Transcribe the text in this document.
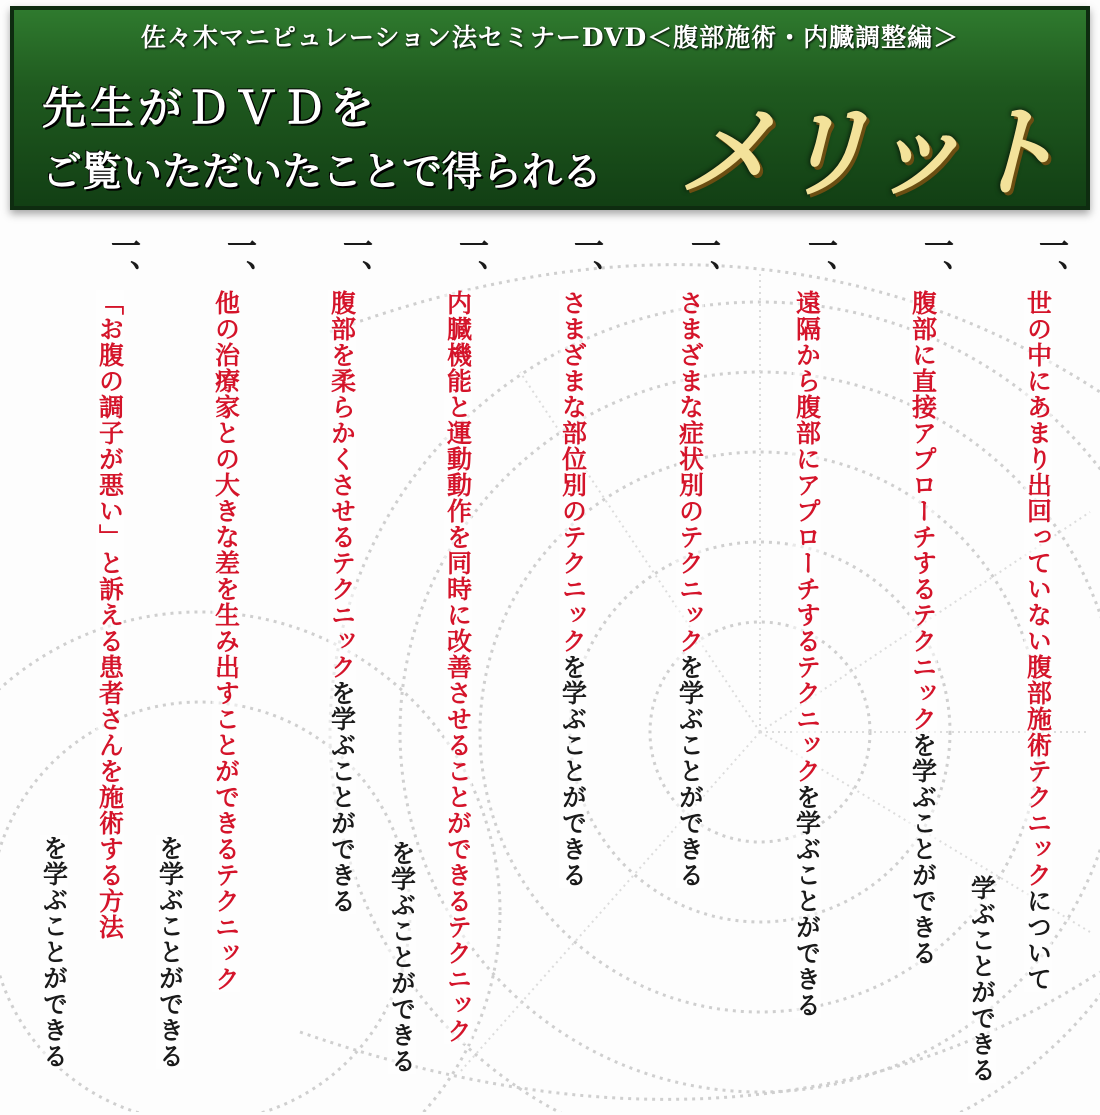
佐々木マニピュレーション法セミナーDVD＜腹部施術・内臓調整編＞
先生がＤＶＤを
ご覧いただいたことで得られる メリット
一、
世の中にあまり出回っていない腹部施術テクニックについて
学ぶことができる
一、
腹部に直接アプローチするテクニックを学ぶことができる
一、
遠隔から腹部にアプローチするテクニックを学ぶことができる
一、
さまざまな症状別のテクニックを学ぶことができる
一、
さまざまな部位別のテクニックを学ぶことができる
一、
内臓機能と運動動作を同時に改善させることができるテクニック
を学ぶことができる
一、
腹部を柔らかくさせるテクニックを学ぶことができる
一、
他の治療家との大きな差を生み出すことができるテクニック
を学ぶことができる
一、
「お腹の調子が悪い」と訴える患者さんを施術する方法
を学ぶことができる
